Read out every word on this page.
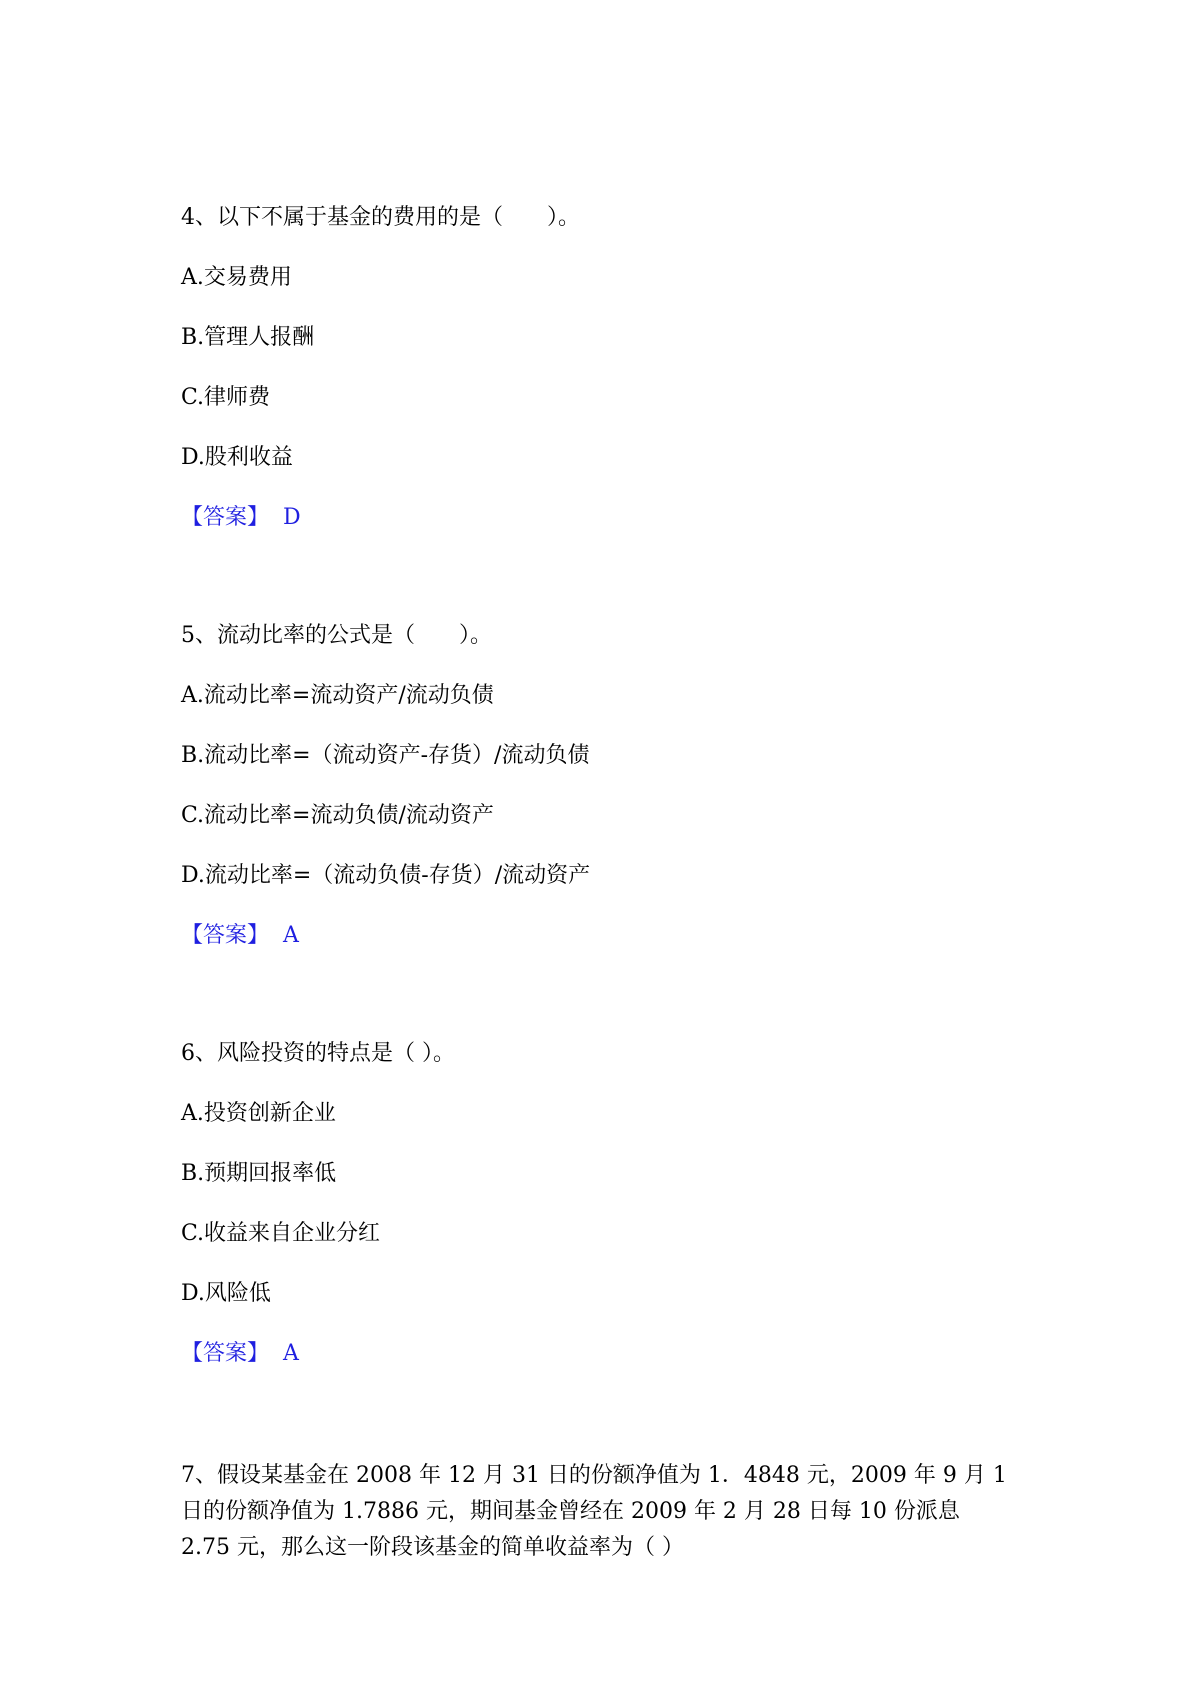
4、以下不属于基金的费用的是（　　）。
A.交易费用
B.管理人报酬
C.律师费
D.股利收益
【答案】 D
5、流动比率的公式是（　　）。
A.流动比率=流动资产/流动负债
B.流动比率=（流动资产-存货）/流动负债
C.流动比率=流动负债/流动资产
D.流动比率=（流动负债-存货）/流动资产
【答案】 A
6、风险投资的特点是（ ）。
A.投资创新企业
B.预期回报率低
C.收益来自企业分红
D.风险低
【答案】 A
7、假设某基金在 2008 年 12 月 31 日的份额净值为 1．4848 元，2009 年 9 月 1
日的份额净值为 1.7886 元，期间基金曾经在 2009 年 2 月 28 日每 10 份派息
2.75 元，那么这一阶段该基金的简单收益率为（ ）
